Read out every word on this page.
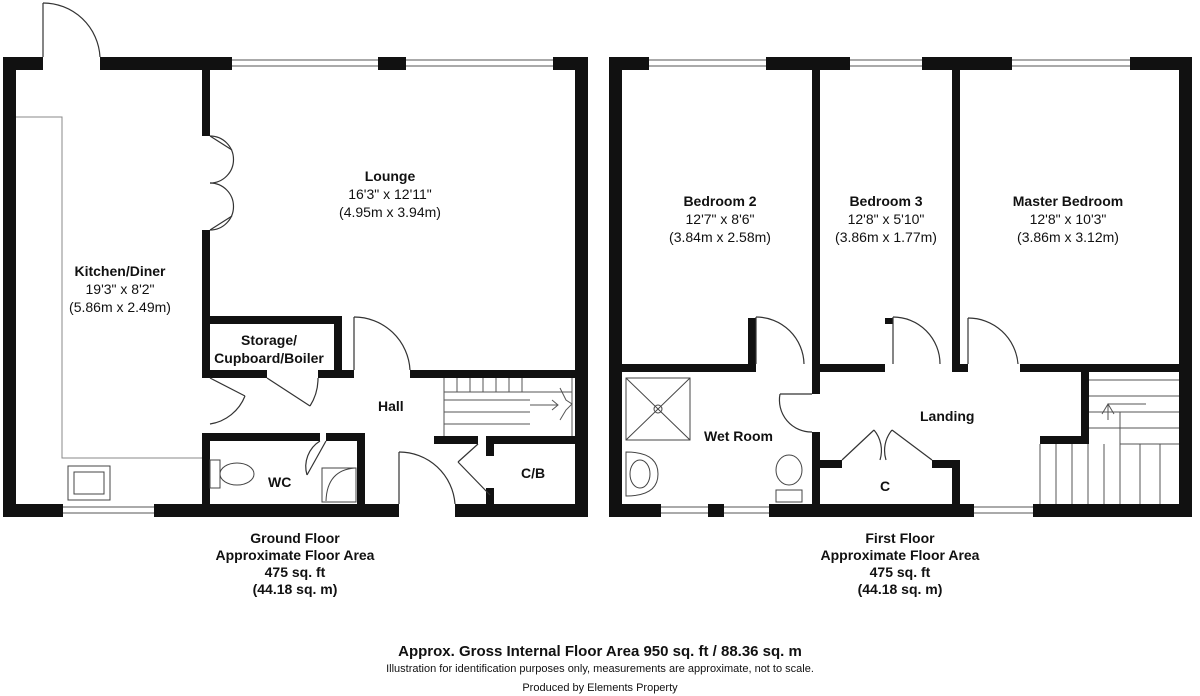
Kitchen/Diner
19'3" x 8'2"
(5.86m x 2.49m)
Lounge
16'3" x 12'11"
(4.95m x 3.94m)
Storage/
Cupboard/Boiler
Hall
WC
C/B
Ground Floor
Approximate Floor Area
475 sq. ft
(44.18 sq. m)
Bedroom 2
12'7" x 8'6"
(3.84m x 2.58m)
Bedroom 3
12'8" x 5'10"
(3.86m x 1.77m)
Master Bedroom
12'8" x 10'3"
(3.86m x 3.12m)
Wet Room
Landing
C
First Floor
Approximate Floor Area
475 sq. ft
(44.18 sq. m)
Approx. Gross Internal Floor Area 950 sq. ft / 88.36 sq. m
Illustration for identification purposes only, measurements are approximate, not to scale.
Produced by Elements Property
